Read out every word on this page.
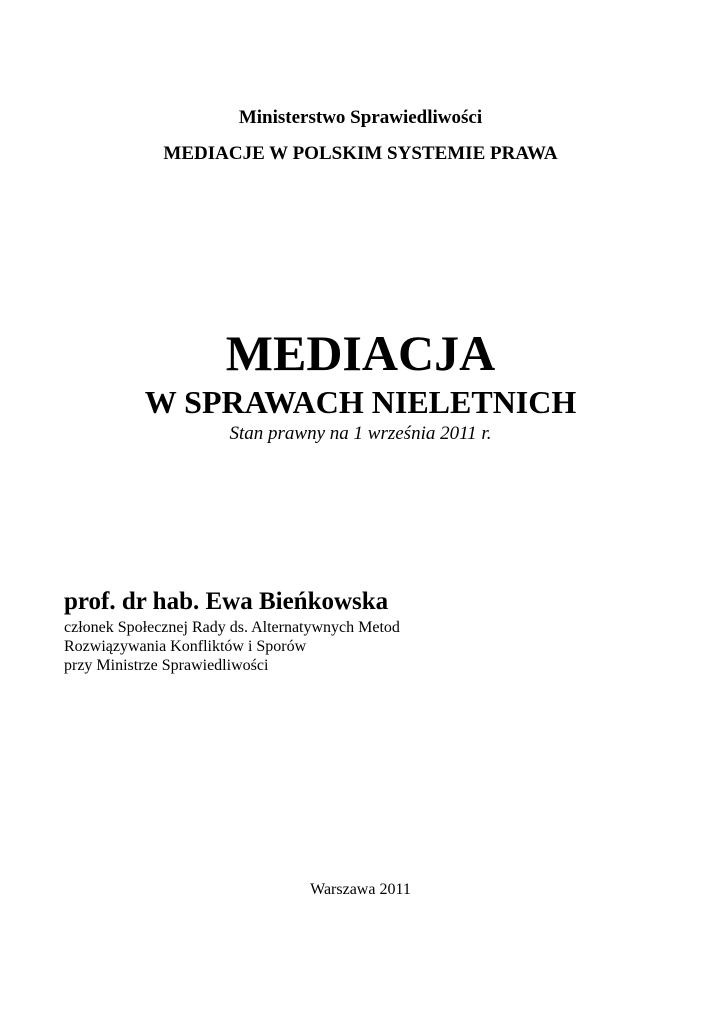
Ministerstwo Sprawiedliwości
MEDIACJE W POLSKIM SYSTEMIE PRAWA
MEDIACJA
W SPRAWACH NIELETNICH
Stan prawny na 1 września 2011 r.
prof. dr hab. Ewa Bieńkowska
członek Społecznej Rady ds. Alternatywnych Metod
Rozwiązywania Konfliktów i Sporów
przy Ministrze Sprawiedliwości
Warszawa 2011
